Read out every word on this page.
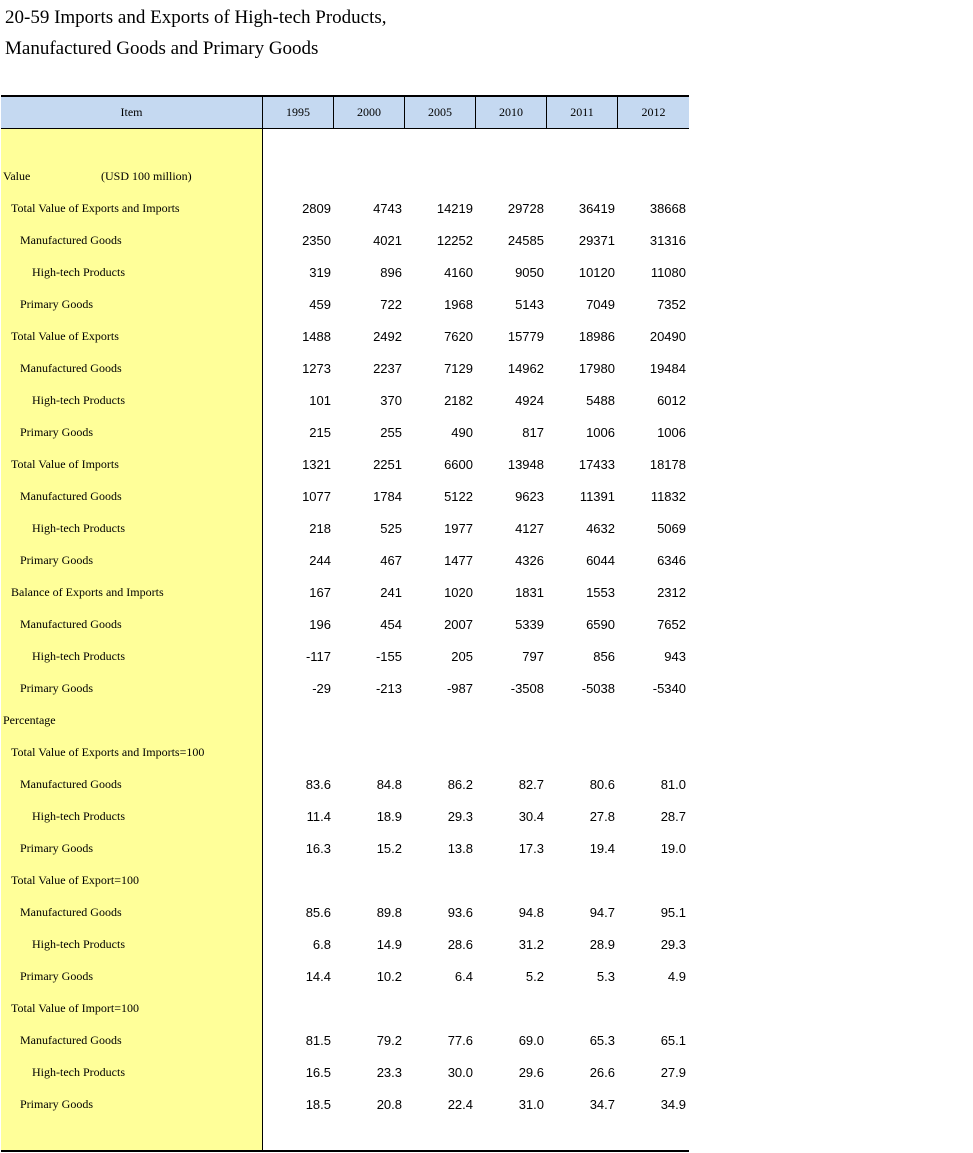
20-59 Imports and Exports of High-tech Products,
Manufactured Goods and Primary Goods
Item	1995	2000	2005	2010	2011	2012
Value	(USD 100 million)
Total Value of Exports and Imports	2809	4743	14219	29728	36419	38668
Manufactured Goods	2350	4021	12252	24585	29371	31316
High-tech Products	319	896	4160	9050	10120	11080
Primary Goods	459	722	1968	5143	7049	7352
Total Value of Exports	1488	2492	7620	15779	18986	20490
Manufactured Goods	1273	2237	7129	14962	17980	19484
High-tech Products	101	370	2182	4924	5488	6012
Primary Goods	215	255	490	817	1006	1006
Total Value of Imports	1321	2251	6600	13948	17433	18178
Manufactured Goods	1077	1784	5122	9623	11391	11832
High-tech Products	218	525	1977	4127	4632	5069
Primary Goods	244	467	1477	4326	6044	6346
Balance of Exports and Imports	167	241	1020	1831	1553	2312
Manufactured Goods	196	454	2007	5339	6590	7652
High-tech Products	-117	-155	205	797	856	943
Primary Goods	-29	-213	-987	-3508	-5038	-5340
Percentage
Total Value of Exports and Imports=100
Manufactured Goods	83.6	84.8	86.2	82.7	80.6	81.0
High-tech Products	11.4	18.9	29.3	30.4	27.8	28.7
Primary Goods	16.3	15.2	13.8	17.3	19.4	19.0
Total Value of Export=100
Manufactured Goods	85.6	89.8	93.6	94.8	94.7	95.1
High-tech Products	6.8	14.9	28.6	31.2	28.9	29.3
Primary Goods	14.4	10.2	6.4	5.2	5.3	4.9
Total Value of Import=100
Manufactured Goods	81.5	79.2	77.6	69.0	65.3	65.1
High-tech Products	16.5	23.3	30.0	29.6	26.6	27.9
Primary Goods	18.5	20.8	22.4	31.0	34.7	34.9
